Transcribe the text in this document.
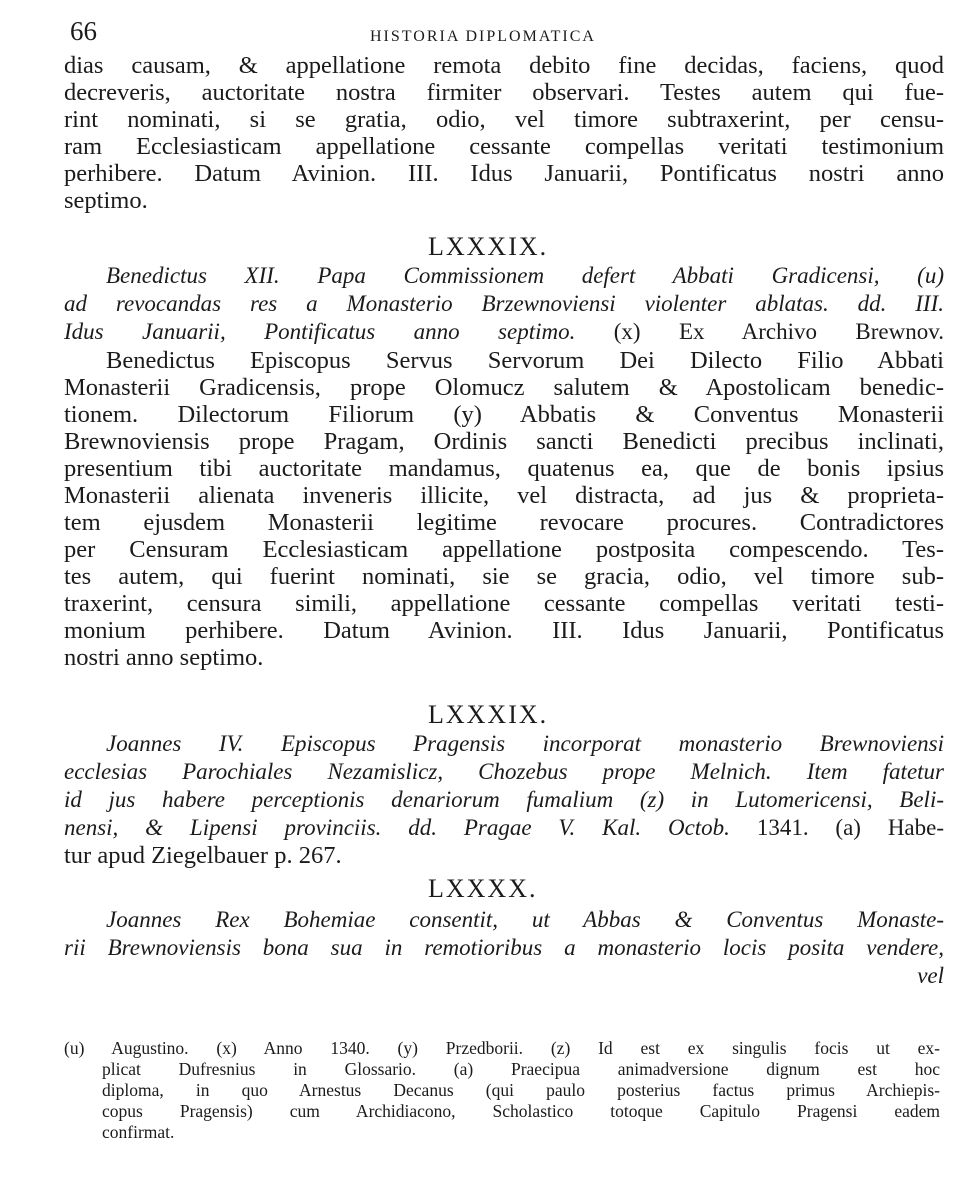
66	HISTORIA DIPLOMATICA
dias causam, & appellatione remota debito fine decidas, faciens, quod
decreveris, auctoritate nostra firmiter observari. Testes autem qui fue-
rint nominati, si se gratia, odio, vel timore subtraxerint, per censu-
ram Ecclesiasticam appellatione cessante compellas veritati testimonium
perhibere. Datum Avinion. III. Idus Januarii, Pontificatus nostri anno
septimo.
LXXXIX.
Benedictus XII. Papa Commissionem defert Abbati Gradicensi, (u)
ad revocandas res a Monasterio Brzewnoviensi violenter ablatas. dd. III.
Idus Januarii, Pontificatus anno septimo. (x) Ex Archivo Brewnov.
Benedictus Episcopus Servus Servorum Dei Dilecto Filio Abbati
Monasterii Gradicensis, prope Olomucz salutem & Apostolicam benedic-
tionem. Dilectorum Filiorum (y) Abbatis & Conventus Monasterii
Brewnoviensis prope Pragam, Ordinis sancti Benedicti precibus inclinati,
presentium tibi auctoritate mandamus, quatenus ea, que de bonis ipsius
Monasterii alienata inveneris illicite, vel distracta, ad jus & proprieta-
tem ejusdem Monasterii legitime revocare procures. Contradictores
per Censuram Ecclesiasticam appellatione postposita compescendo. Tes-
tes autem, qui fuerint nominati, sie se gracia, odio, vel timore sub-
traxerint, censura simili, appellatione cessante compellas veritati testi-
monium perhibere. Datum Avinion. III. Idus Januarii, Pontificatus
nostri anno septimo.
LXXXIX.
Joannes IV. Episcopus Pragensis incorporat monasterio Brewnoviensi
ecclesias Parochiales Nezamislicz, Chozebus prope Melnich. Item fatetur
id jus habere perceptionis denariorum fumalium (z) in Lutomericensi, Beli-
nensi, & Lipensi provinciis. dd. Pragae V. Kal. Octob. 1341. (a) Habe-
tur apud Ziegelbauer p. 267.
LXXXX.
Joannes Rex Bohemiae consentit, ut Abbas & Conventus Monaste-
rii Brewnoviensis bona sua in remotioribus a monasterio locis posita vendere,
vel
(u) Augustino. (x) Anno 1340. (y) Przedborii. (z) Id est ex singulis focis ut ex-
plicat Dufresnius in Glossario. (a) Praecipua animadversione dignum est hoc
diploma, in quo Arnestus Decanus (qui paulo posterius factus primus Archiepis-
copus Pragensis) cum Archidiacono, Scholastico totoque Capitulo Pragensi eadem
confirmat.
